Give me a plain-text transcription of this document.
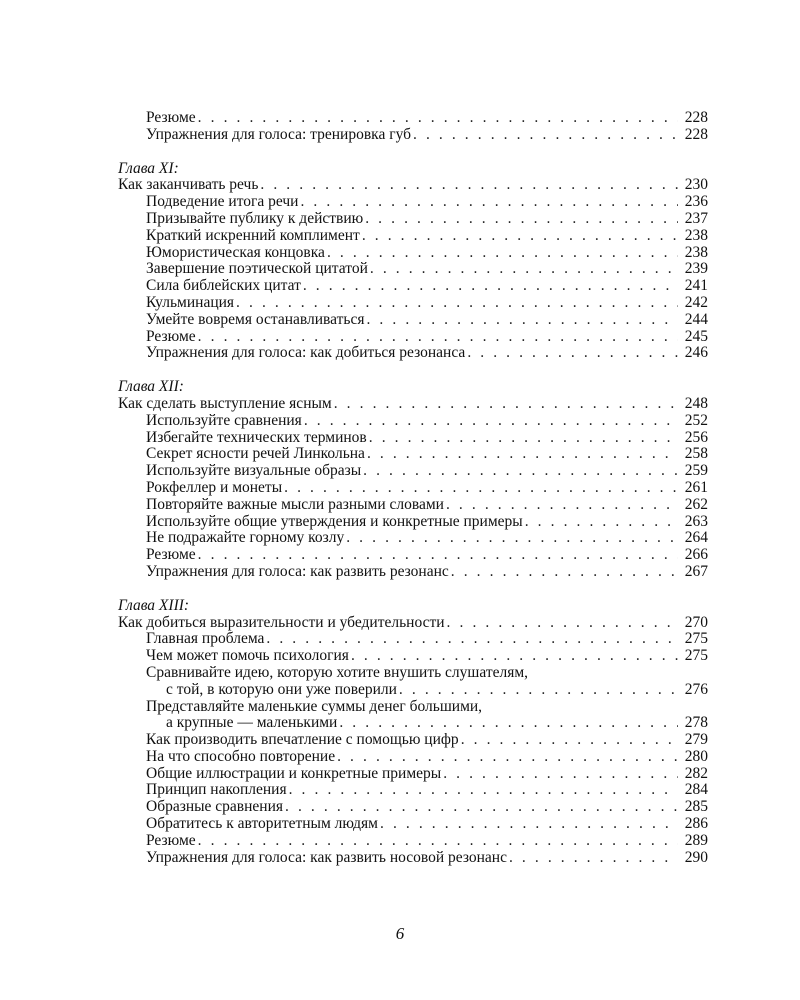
Резюме . . .	228
Упражнения для голоса: тренировка губ . . .	228
Глава XI:
Как заканчивать речь . . .	230
Подведение итога речи . . .	236
Призывайте публику к действию . . .	237
Краткий искренний комплимент . . .	238
Юмористическая концовка . . .	238
Завершение поэтической цитатой . . .	239
Сила библейских цитат . . .	241
Кульминация . . .	242
Умейте вовремя останавливаться . . .	244
Резюме . . .	245
Упражнения для голоса: как добиться резонанса . . .	246
Глава XII:
Как сделать выступление ясным . . .	248
Используйте сравнения . . .	252
Избегайте технических терминов . . .	256
Секрет ясности речей Линкольна . . .	258
Используйте визуальные образы . . .	259
Рокфеллер и монеты . . .	261
Повторяйте важные мысли разными словами . . .	262
Используйте общие утверждения и конкретные примеры . . .	263
Не подражайте горному козлу . . .	264
Резюме . . .	266
Упражнения для голоса: как развить резонанс . . .	267
Глава XIII:
Как добиться выразительности и убедительности . . .	270
Главная проблема . . .	275
Чем может помочь психология . . .	275
Сравнивайте идею, которую хотите внушить слушателям,
с той, в которую они уже поверили . . .	276
Представляйте маленькие суммы денег большими,
а крупные — маленькими . . .	278
Как производить впечатление с помощью цифр . . .	279
На что способно повторение . . .	280
Общие иллюстрации и конкретные примеры . . .	282
Принцип накопления . . .	284
Образные сравнения . . .	285
Обратитесь к авторитетным людям . . .	286
Резюме . . .	289
Упражнения для голоса: как развить носовой резонанс . . .	290
6
